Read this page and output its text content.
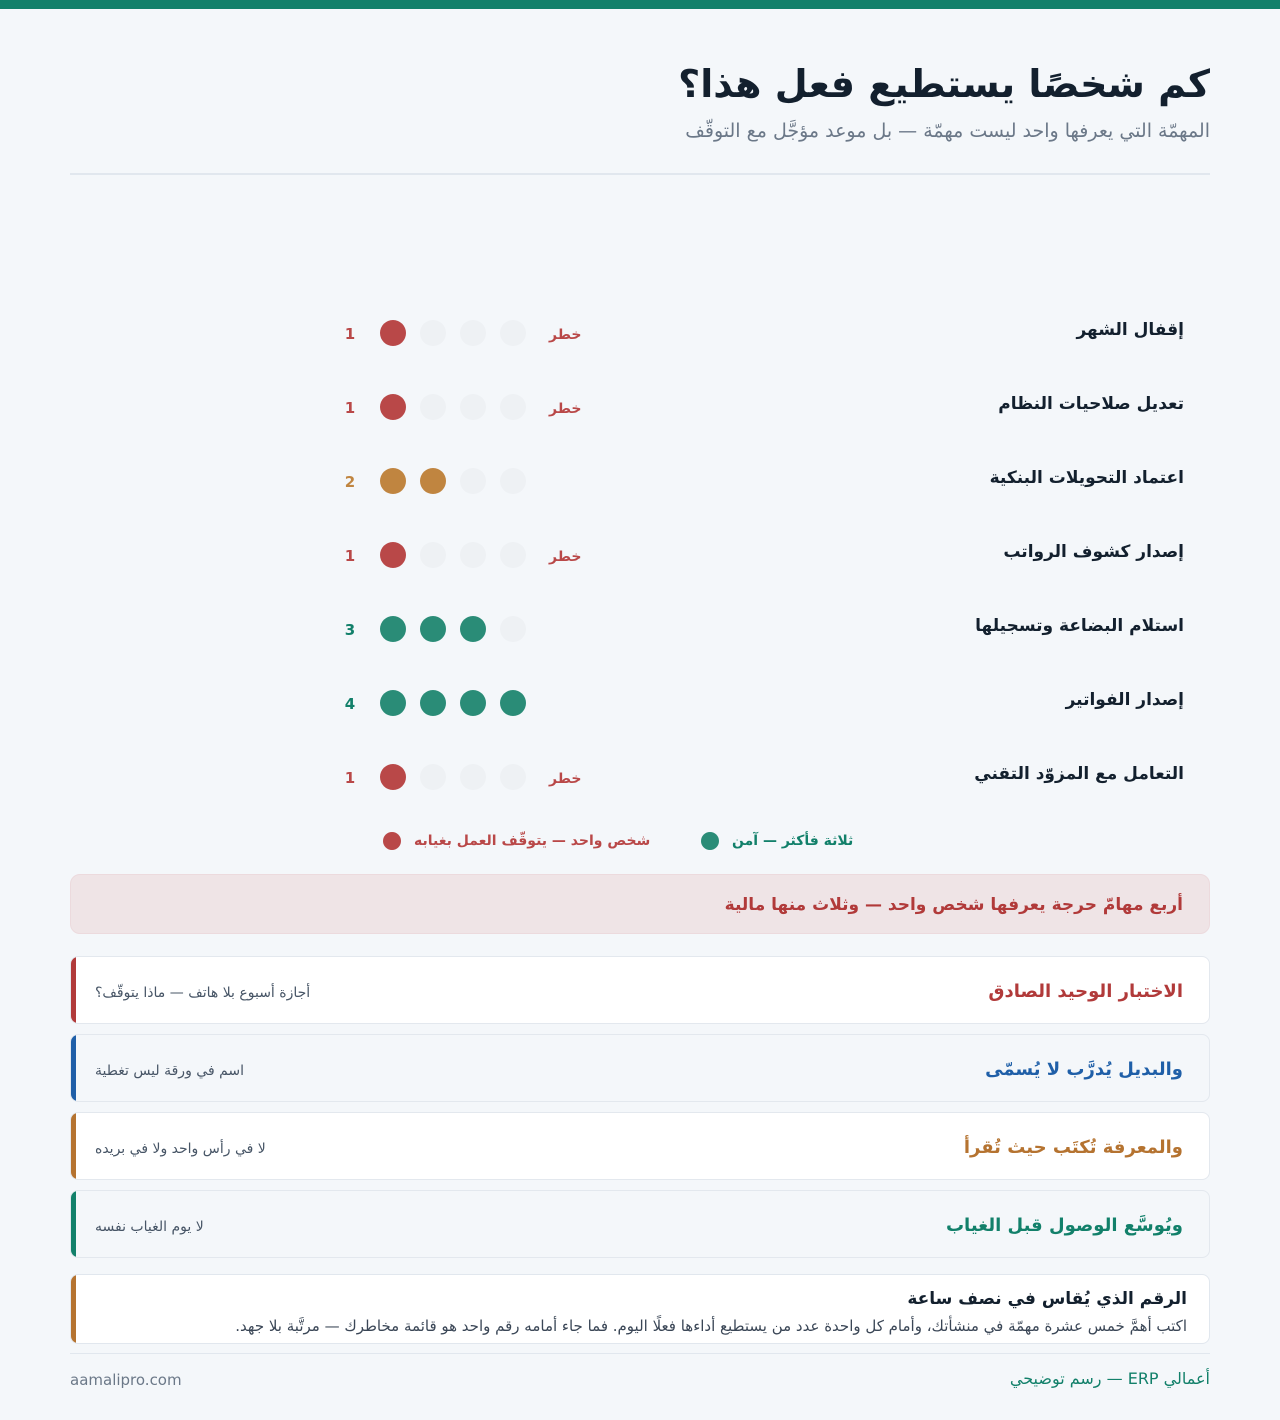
كم شخصًا يستطيع فعل هذا؟

المهمّة التي يعرفها واحد ليست مهمّة — بل موعد مؤجَّل مع التوقّف

إقفال الشهر
خطر
1
تعديل صلاحيات النظام
خطر
1
اعتماد التحويلات البنكية
2
إصدار كشوف الرواتب
خطر
1
استلام البضاعة وتسجيلها
3
إصدار الفواتير
4
التعامل مع المزوّد التقني
خطر
1
شخص واحد — يتوقّف العمل بغيابه	ثلاثة فأكثر — آمن
أربع مهامّ حرجة يعرفها شخص واحد — وثلاث منها مالية
الاختبار الوحيد الصادق
أجازة أسبوع بلا هاتف — ماذا يتوقّف؟
والبديل يُدرَّب لا يُسمّى
اسم في ورقة ليس تغطية
والمعرفة تُكتَب حيث تُقرأ
لا في رأس واحد ولا في بريده
ويُوسَّع الوصول قبل الغياب
لا يوم الغياب نفسه
الرقم الذي يُقاس في نصف ساعة
اكتب أهمَّ خمس عشرة مهمّة في منشأتك، وأمام كل واحدة عدد من يستطيع أداءها فعلًا اليوم. فما جاء أمامه رقم واحد هو قائمة مخاطرك — مرتَّبة بلا جهد.
أعمالي ERP — رسم توضيحي
aamalipro.com
